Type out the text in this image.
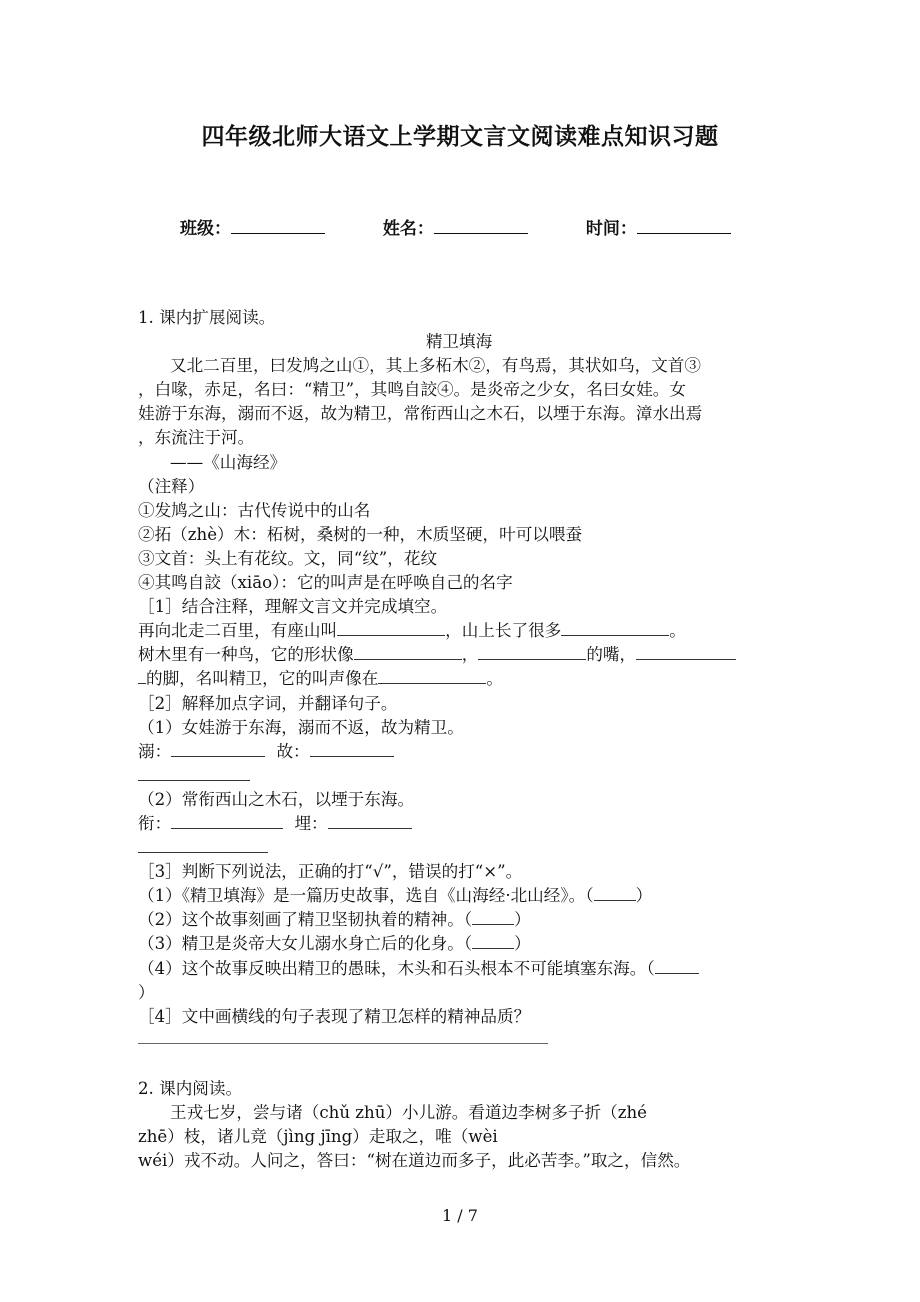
四年级北师大语文上学期文言文阅读难点知识习题
班级：	姓名：	时间：
1. 课内扩展阅读。
精卫填海
又北二百里，曰发鸠之山①，其上多柘木②，有鸟焉，其状如乌，文首③
，白喙，赤足，名曰：“精卫”，其鸣自詨④。是炎帝之少女，名曰女娃。女
娃游于东海，溺而不返，故为精卫，常衔西山之木石，以堙于东海。漳水出焉
，东流注于河。
——《山海经》
（注释）
①发鸠之山：古代传说中的山名
②拓（zhè）木：柘树，桑树的一种，木质坚硬，叶可以喂蚕
③文首：头上有花纹。文，同“纹”，花纹
④其鸣自詨（xiāo）：它的叫声是在呼唤自己的名字
［1］结合注释，理解文言文并完成填空。
再向北走二百里，有座山叫	，山上长了很多	。
树木里有一种鸟，它的形状像	，	的嘴，
的脚，名叫精卫，它的叫声像在	。
［2］解释加点字词，并翻译句子。
（1）女娃游于东海，溺而不返，故为精卫。
溺：	故：
（2）常衔西山之木石，以堙于东海。
衔：	埋：
［3］判断下列说法，正确的打“√”，错误的打“×”。
（1）《精卫填海》是一篇历史故事，选自《山海经·北山经》。（	）
（2）这个故事刻画了精卫坚韧执着的精神。（	）
（3）精卫是炎帝大女儿溺水身亡后的化身。（	）
（4）这个故事反映出精卫的愚昧，木头和石头根本不可能填塞东海。（
）
［4］文中画横线的句子表现了精卫怎样的精神品质？
2. 课内阅读。
王戎七岁，尝与诸（chǔ zhū）小儿游。看道边李树多子折（zhé
zhē）枝，诸儿竞（jìng jīng）走取之，唯（wèi
wéi）戎不动。人问之，答曰：“树在道边而多子，此必苦李。”取之，信然。
1 / 7
